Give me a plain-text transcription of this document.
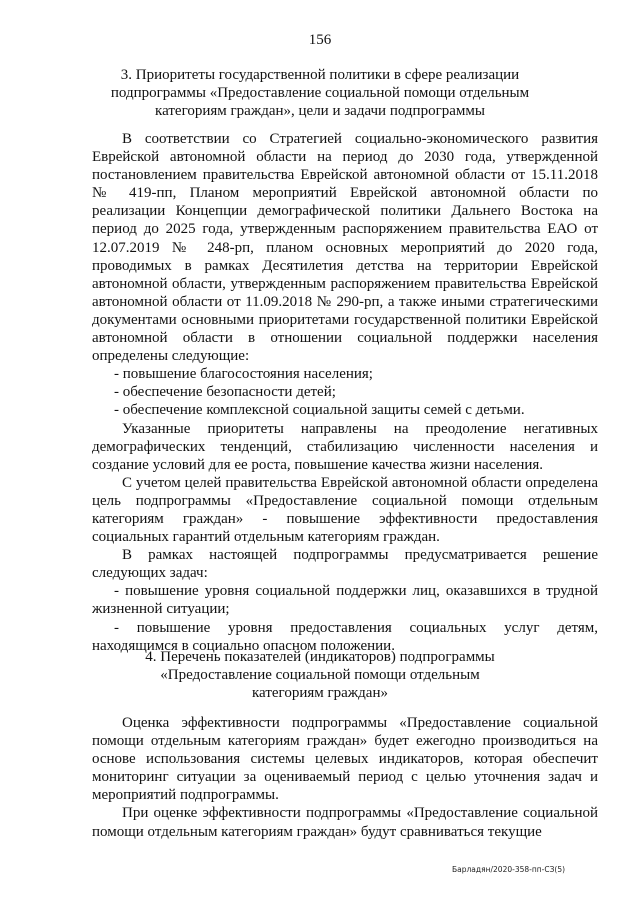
156
3. Приоритеты государственной политики в сфере реализации
подпрограммы «Предоставление социальной помощи отдельным
категориям граждан», цели и задачи подпрограммы

В соответствии со Стратегией социально-экономического развития Еврейской автономной области на период до 2030 года, утвержденной постановлением правительства Еврейской автономной области от 15.11.2018 № 419-пп, Планом мероприятий Еврейской автономной области по реализации Концепции демографической политики Дальнего Востока на период до 2025 года, утвержденным распоряжением правительства ЕАО от 12.07.2019 № 248-рп, планом основных мероприятий до 2020 года, проводимых в рамках Десятилетия детства на территории Еврейской автономной области, утвержденным распоряжением правительства Еврейской автономной области от 11.09.2018 № 290-рп, а также иными стратегическими документами основными приоритетами государственной политики Еврейской автономной области в отношении социальной поддержки населения определены следующие:

- повышение благосостояния населения;

- обеспечение безопасности детей;

- обеспечение комплексной социальной защиты семей с детьми.

Указанные приоритеты направлены на преодоление негативных демографических тенденций, стабилизацию численности населения и создание условий для ее роста, повышение качества жизни населения.

С учетом целей правительства Еврейской автономной области определена цель подпрограммы «Предоставление социальной помощи отдельным категориям граждан» - повышение эффективности предоставления социальных гарантий отдельным категориям граждан.

В рамках настоящей подпрограммы предусматривается решение следующих задач:

- повышение уровня социальной поддержки лиц, оказавшихся в трудной жизненной ситуации;

- повышение уровня предоставления социальных услуг детям, находящимся в социально опасном положении.

4. Перечень показателей (индикаторов) подпрограммы
«Предоставление социальной помощи отдельным
категориям граждан»

Оценка эффективности подпрограммы «Предоставление социальной помощи отдельным категориям граждан» будет ежегодно производиться на основе использования системы целевых индикаторов, которая обеспечит мониторинг ситуации за оцениваемый период с целью уточнения задач и мероприятий подпрограммы.

При оценке эффективности подпрограммы «Предоставление социальной помощи отдельным категориям граждан» будут сравниваться текущие

Барладян/2020-358-пп-СЗ(5)
